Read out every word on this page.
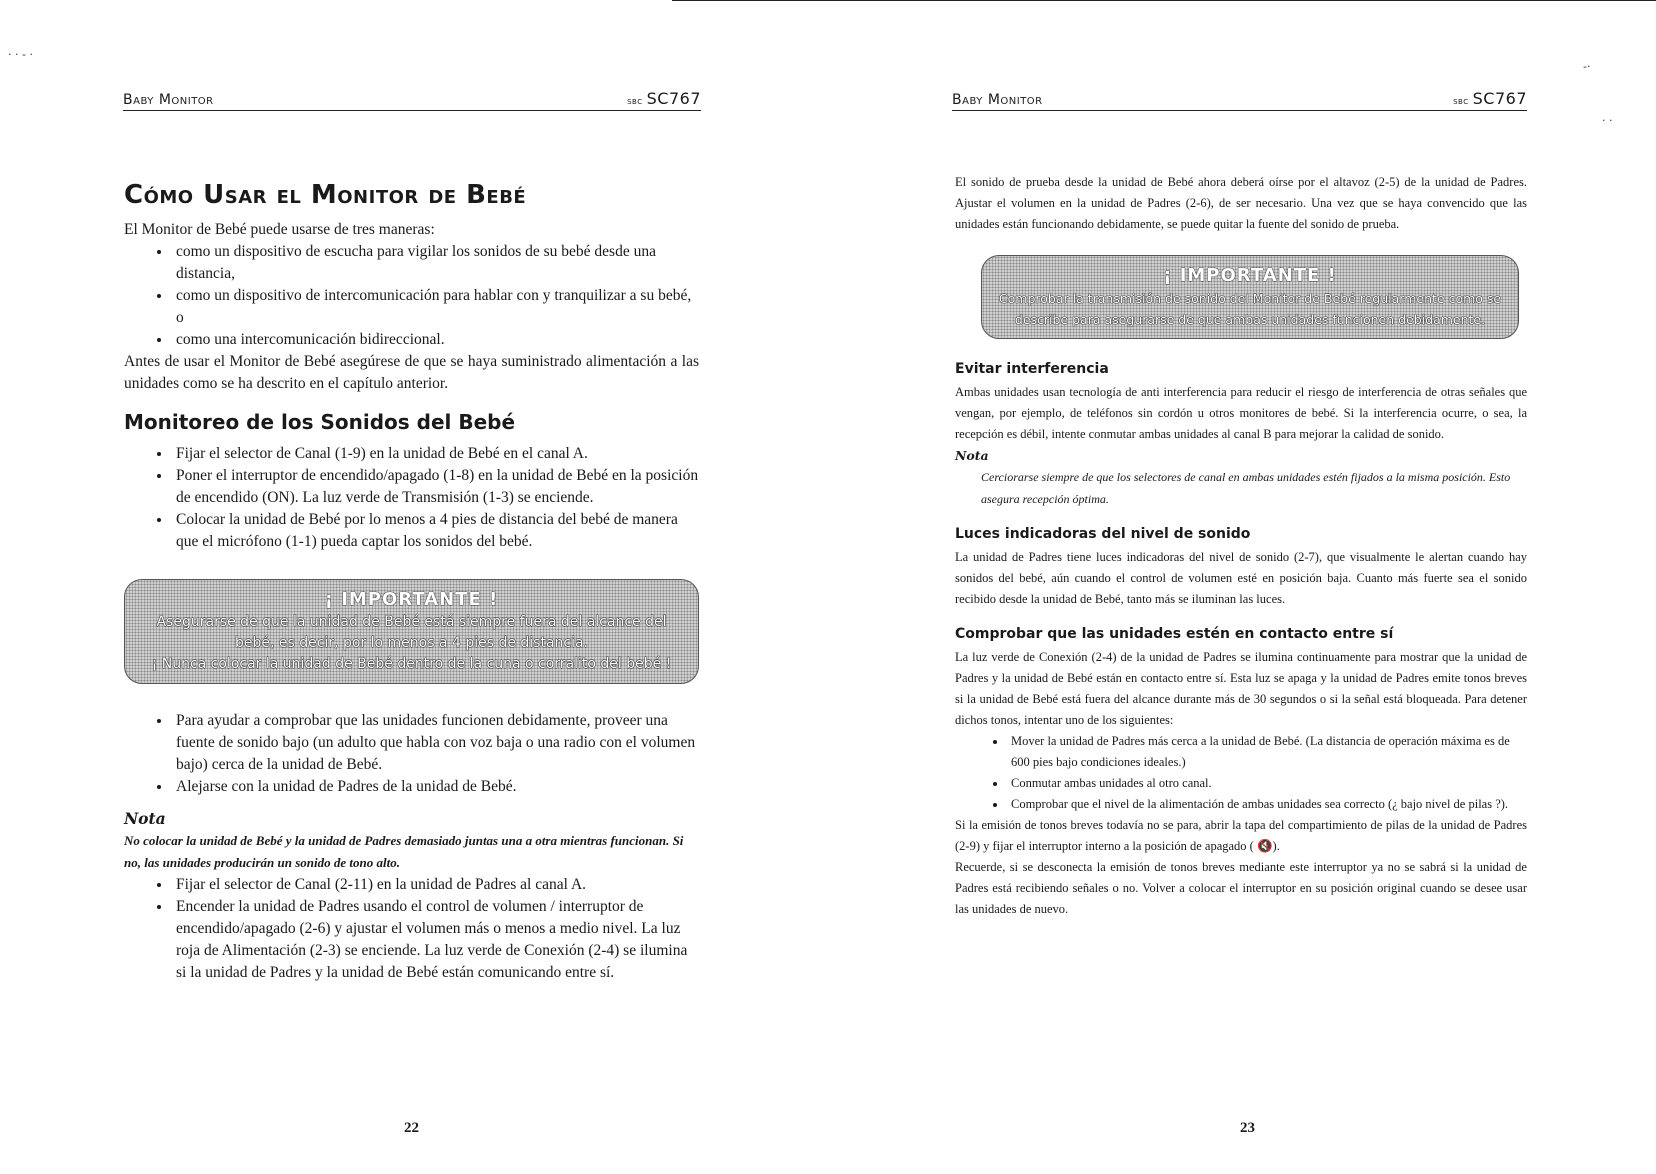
· · - ·
-·
· ·
Baby Monitor	sbc SC767
Cómo Usar el Monitor de Bebé

El Monitor de Bebé puede usarse de tres maneras:

• como un dispositivo de escucha para vigilar los sonidos de su bebé desde una distancia,
• como un dispositivo de intercomunicación para hablar con y tranquilizar a su bebé, o
• como una intercomunicación bidireccional.

Antes de usar el Monitor de Bebé asegúrese de que se haya suministrado alimentación a las unidades como se ha descrito en el capítulo anterior.

Monitoreo de los Sonidos del Bebé
• Fijar el selector de Canal (1-9) en la unidad de Bebé en el canal A.
• Poner el interruptor de encendido/apagado (1-8) en la unidad de Bebé en la posición de encendido (ON). La luz verde de Transmisión (1-3) se enciende.
• Colocar la unidad de Bebé por lo menos a 4 pies de distancia del bebé de manera que el micrófono (1-1) pueda captar los sonidos del bebé.
¡ IMPORTANTE !
Asegurarse de que la unidad de Bebé está siempre fuera del alcance del bebé, es decir, por lo menos a 4 pies de distancia.
¡ Nunca colocar la unidad de Bebé dentro de la cuna o corralito del bebé !
• Para ayudar a comprobar que las unidades funcionen debidamente, proveer una fuente de sonido bajo (un adulto que habla con voz baja o una radio con el volumen bajo) cerca de la unidad de Bebé.
• Alejarse con la unidad de Padres de la unidad de Bebé.
Nota
No colocar la unidad de Bebé y la unidad de Padres demasiado juntas una a otra mientras funcionan. Si no, las unidades producirán un sonido de tono alto.
• Fijar el selector de Canal (2-11) en la unidad de Padres al canal A.
• Encender la unidad de Padres usando el control de volumen / interruptor de encendido/apagado (2-6) y ajustar el volumen más o menos a medio nivel. La luz roja de Alimentación (2-3) se enciende. La luz verde de Conexión (2-4) se ilumina si la unidad de Padres y la unidad de Bebé están comunicando entre sí.
22
Baby Monitor	sbc SC767

El sonido de prueba desde la unidad de Bebé ahora deberá oírse por el altavoz (2-5) de la unidad de Padres. Ajustar el volumen en la unidad de Padres (2-6), de ser necesario. Una vez que se haya convencido que las unidades están funcionando debidamente, se puede quitar la fuente del sonido de prueba.

¡ IMPORTANTE !
Comprobar la transmisión de sonido del Monitor de Bebé regularmente como se describe para asegurarse de que ambas unidades funcionen debidamente.
Evitar interferencia

Ambas unidades usan tecnología de anti interferencia para reducir el riesgo de interferencia de otras señales que vengan, por ejemplo, de teléfonos sin cordón u otros monitores de bebé. Si la interferencia ocurre, o sea, la recepción es débil, intente conmutar ambas unidades al canal B para mejorar la calidad de sonido.

Nota
Cerciorarse siempre de que los selectores de canal en ambas unidades estén fijados a la misma posición. Esto asegura recepción óptima.
Luces indicadoras del nivel de sonido

La unidad de Padres tiene luces indicadoras del nivel de sonido (2-7), que visualmente le alertan cuando hay sonidos del bebé, aún cuando el control de volumen esté en posición baja. Cuanto más fuerte sea el sonido recibido desde la unidad de Bebé, tanto más se iluminan las luces.

Comprobar que las unidades estén en contacto entre sí

La luz verde de Conexión (2-4) de la unidad de Padres se ilumina continuamente para mostrar que la unidad de Padres y la unidad de Bebé están en contacto entre sí. Esta luz se apaga y la unidad de Padres emite tonos breves si la unidad de Bebé está fuera del alcance durante más de 30 segundos o si la señal está bloqueada. Para detener dichos tonos, intentar uno de los siguientes:

• Mover la unidad de Padres más cerca a la unidad de Bebé. (La distancia de operación máxima es de 600 pies bajo condiciones ideales.)
• Conmutar ambas unidades al otro canal.
• Comprobar que el nivel de la alimentación de ambas unidades sea correcto (¿ bajo nivel de pilas ?).

Si la emisión de tonos breves todavía no se para, abrir la tapa del compartimiento de pilas de la unidad de Padres (2-9) y fijar el interruptor interno a la posición de apagado ( 🔇).

Recuerde, si se desconecta la emisión de tonos breves mediante este interruptor ya no se sabrá si la unidad de Padres está recibiendo señales o no. Volver a colocar el interruptor en su posición original cuando se desee usar las unidades de nuevo.

23
